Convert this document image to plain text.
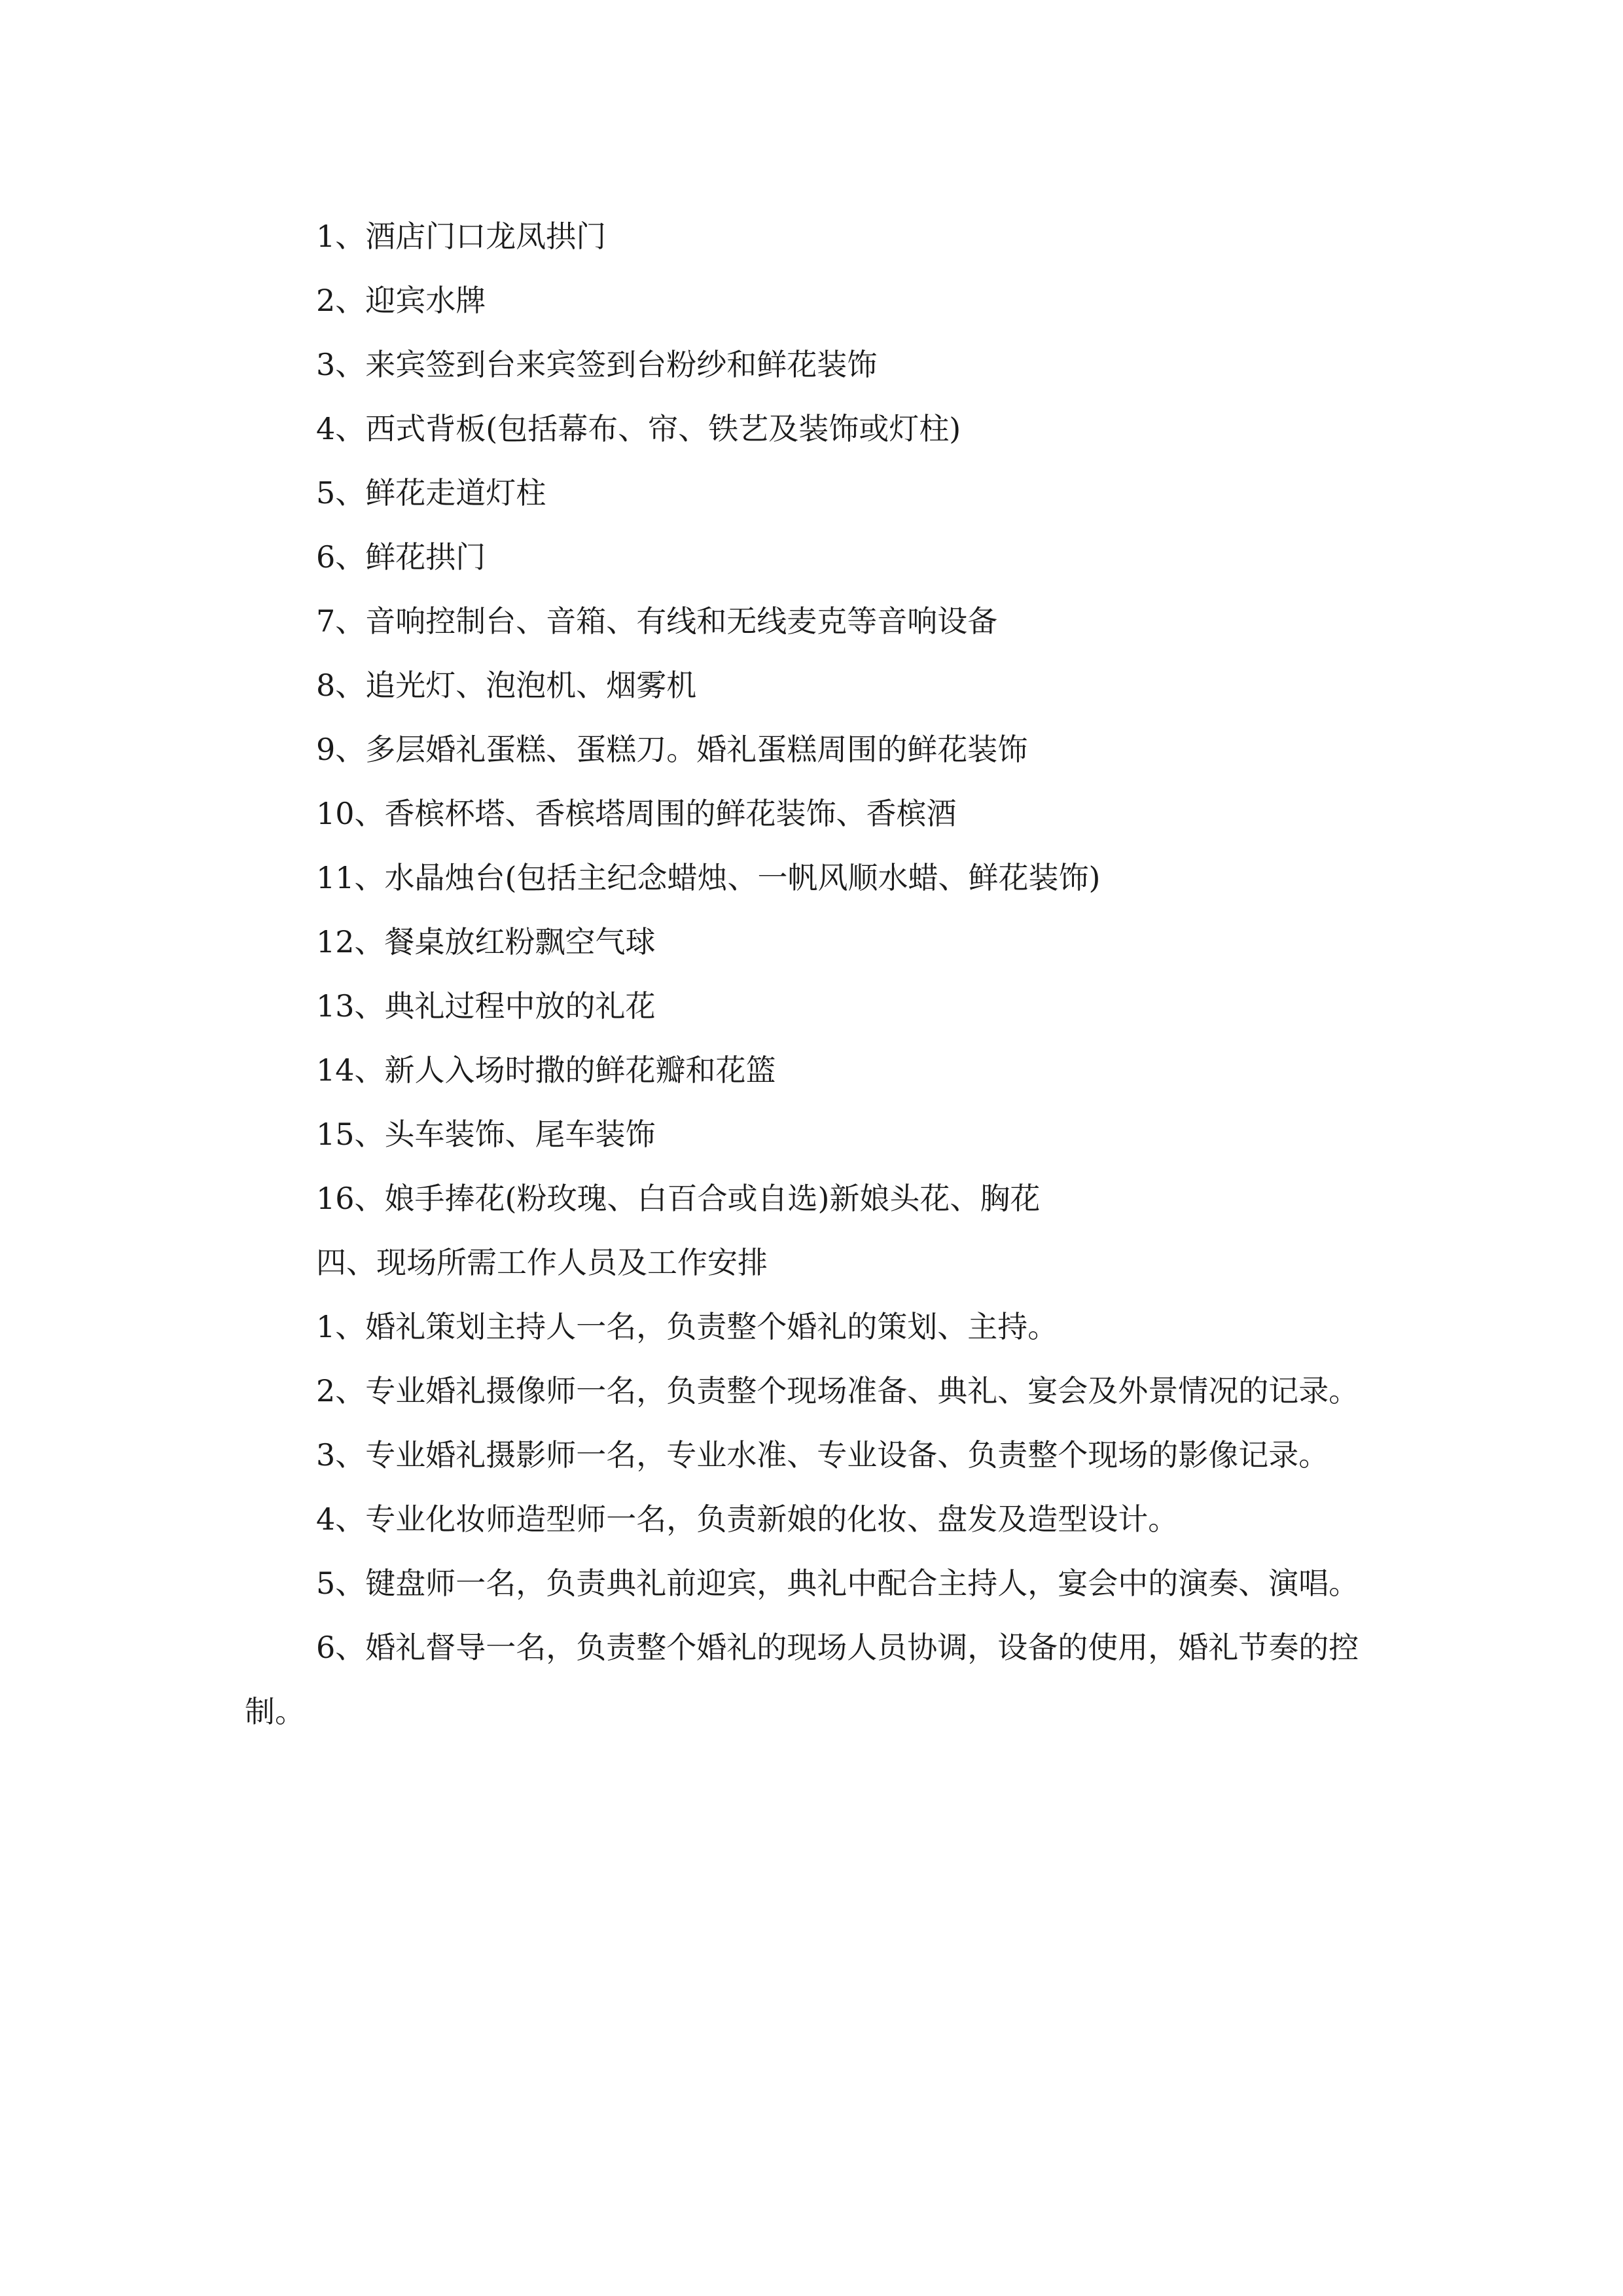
1、酒店门口龙凤拱门

2、迎宾水牌

3、来宾签到台来宾签到台粉纱和鲜花装饰

4、西式背板(包括幕布、帘、铁艺及装饰或灯柱)

5、鲜花走道灯柱

6、鲜花拱门

7、音响控制台、音箱、有线和无线麦克等音响设备

8、追光灯、泡泡机、烟雾机

9、多层婚礼蛋糕、蛋糕刀。婚礼蛋糕周围的鲜花装饰

10、香槟杯塔、香槟塔周围的鲜花装饰、香槟酒

11、水晶烛台(包括主纪念蜡烛、一帆风顺水蜡、鲜花装饰)

12、餐桌放红粉飘空气球

13、典礼过程中放的礼花

14、新人入场时撒的鲜花瓣和花篮

15、头车装饰、尾车装饰

16、娘手捧花(粉玫瑰、白百合或自选)新娘头花、胸花

四、现场所需工作人员及工作安排

1、婚礼策划主持人一名，负责整个婚礼的策划、主持。

2、专业婚礼摄像师一名，负责整个现场准备、典礼、宴会及外景情况的记录。

3、专业婚礼摄影师一名，专业水准、专业设备、负责整个现场的影像记录。

4、专业化妆师造型师一名，负责新娘的化妆、盘发及造型设计。

5、键盘师一名，负责典礼前迎宾，典礼中配合主持人，宴会中的演奏、演唱。

6、婚礼督导一名，负责整个婚礼的现场人员协调，设备的使用，婚礼节奏的控制。
